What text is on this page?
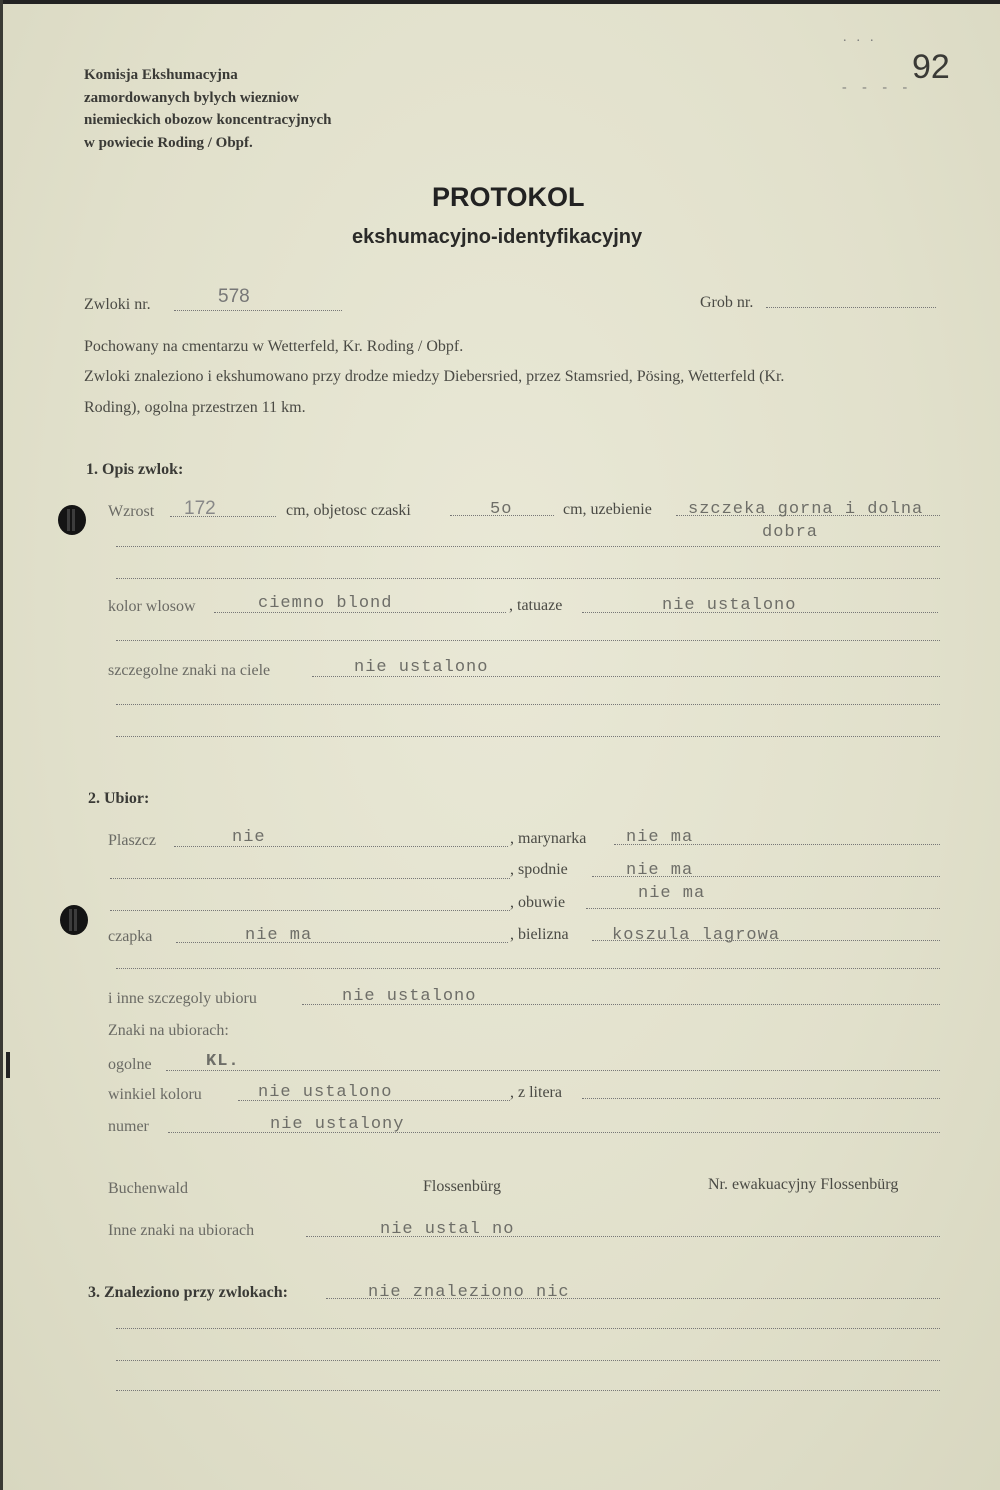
92
...
- - - -
Komisja Ekshumacyjna
zamordowanych bylych wiezniow
niemieckich obozow koncentracyjnych
w powiecie Roding / Obpf.
PROTOKOL
ekshumacyjno-identyfikacyjny
Zwloki nr.	578	Grob nr.
Pochowany na cmentarzu w Wetterfeld, Kr. Roding / Obpf.
Zwloki znaleziono i ekshumowano przy drodze miedzy Diebersried, przez Stamsried, Pösing, Wetterfeld (Kr.
Roding), ogolna przestrzen 11 km.
1. Opis zwlok:
Wzrost 172	cm, objetosc czaski	5o	cm, uzebienie szczeka gorna i dolna
dobra
kolor wlosow	ciemno blond	, tatuaze	nie ustalono
szczegolne znaki na ciele	nie ustalono
2. Ubior:
Plaszcz	nie	, marynarka nie ma
, spodnie	nie ma
, obuwie	nie ma
czapka	nie ma	, bielizna	koszula lagrowa
i inne szczegoly ubioru	nie ustalono
Znaki na ubiorach:
ogolne	KL.
winkiel koloru	nie ustalono	, z litera
numer	nie ustalony
Buchenwald	Flossenbürg	Nr. ewakuacyjny Flossenbürg
Inne znaki na ubiorach	nie ustal no
3. Znaleziono przy zwlokach:	nie znaleziono nic
